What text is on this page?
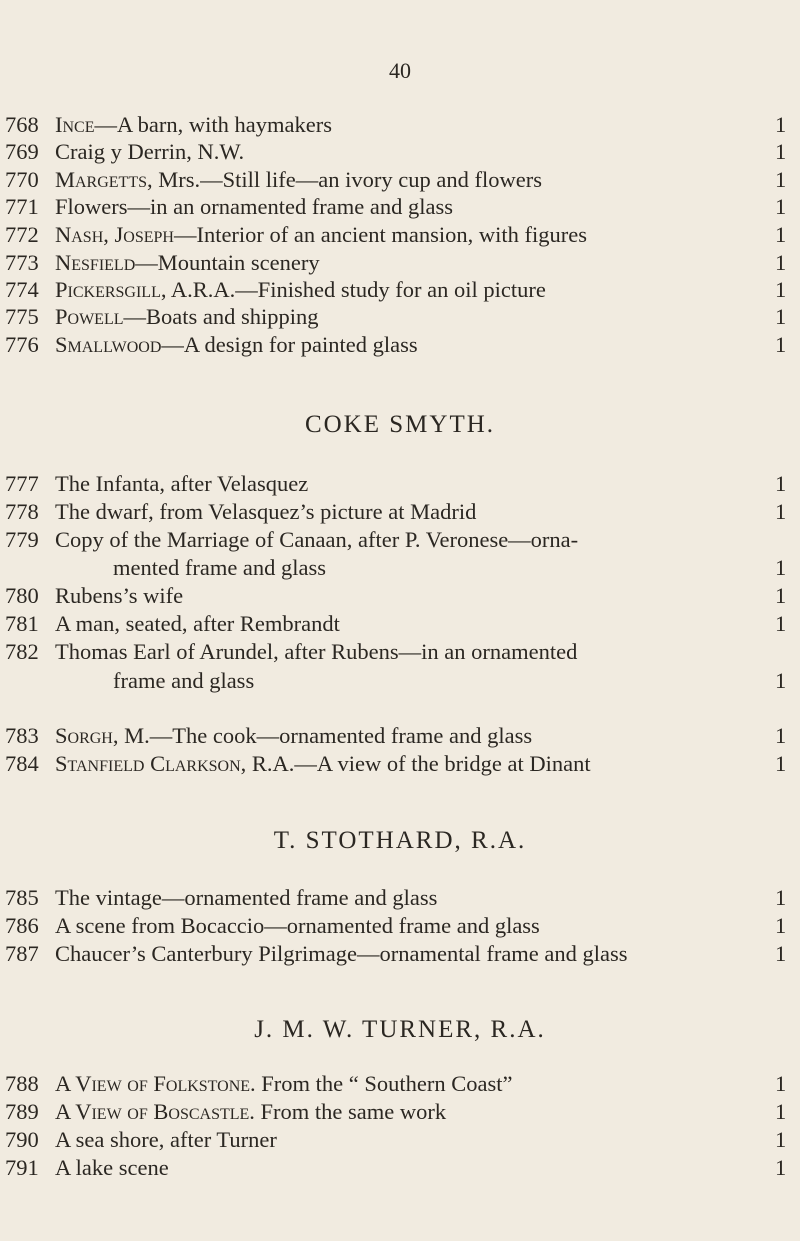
40
768 Ince—A barn, with haymakers	1
769 Craig y Derrin, N.W.	1
770 Margetts, Mrs.—Still life—an ivory cup and flowers	1
771 Flowers—in an ornamented frame and glass	1
772 Nash, Joseph—Interior of an ancient mansion, with figures	1
773 Nesfield—Mountain scenery	1
774 Pickersgill, A.R.A.—Finished study for an oil picture	1
775 Powell—Boats and shipping	1
776 Smallwood—A design for painted glass	1
COKE SMYTH.
777 The Infanta, after Velasquez	1
778 The dwarf, from Velasquez’s picture at Madrid	1
779 Copy of the Marriage of Canaan, after P. Veronese—orna-
mented frame and glass	1
780 Rubens’s wife	1
781 A man, seated, after Rembrandt	1
782 Thomas Earl of Arundel, after Rubens—in an ornamented
frame and glass	1
783 Sorgh, M.—The cook—ornamented frame and glass	1
784 Stanfield Clarkson, R.A.—A view of the bridge at Dinant	1
T. STOTHARD, R.A.
785 The vintage—ornamented frame and glass	1
786 A scene from Bocaccio—ornamented frame and glass	1
787 Chaucer’s Canterbury Pilgrimage—ornamental frame and glass	1
J. M. W. TURNER, R.A.
788 A View of Folkstone. From the “ Southern Coast”	1
789 A View of Boscastle. From the same work	1
790 A sea shore, after Turner	1
791 A lake scene	1
